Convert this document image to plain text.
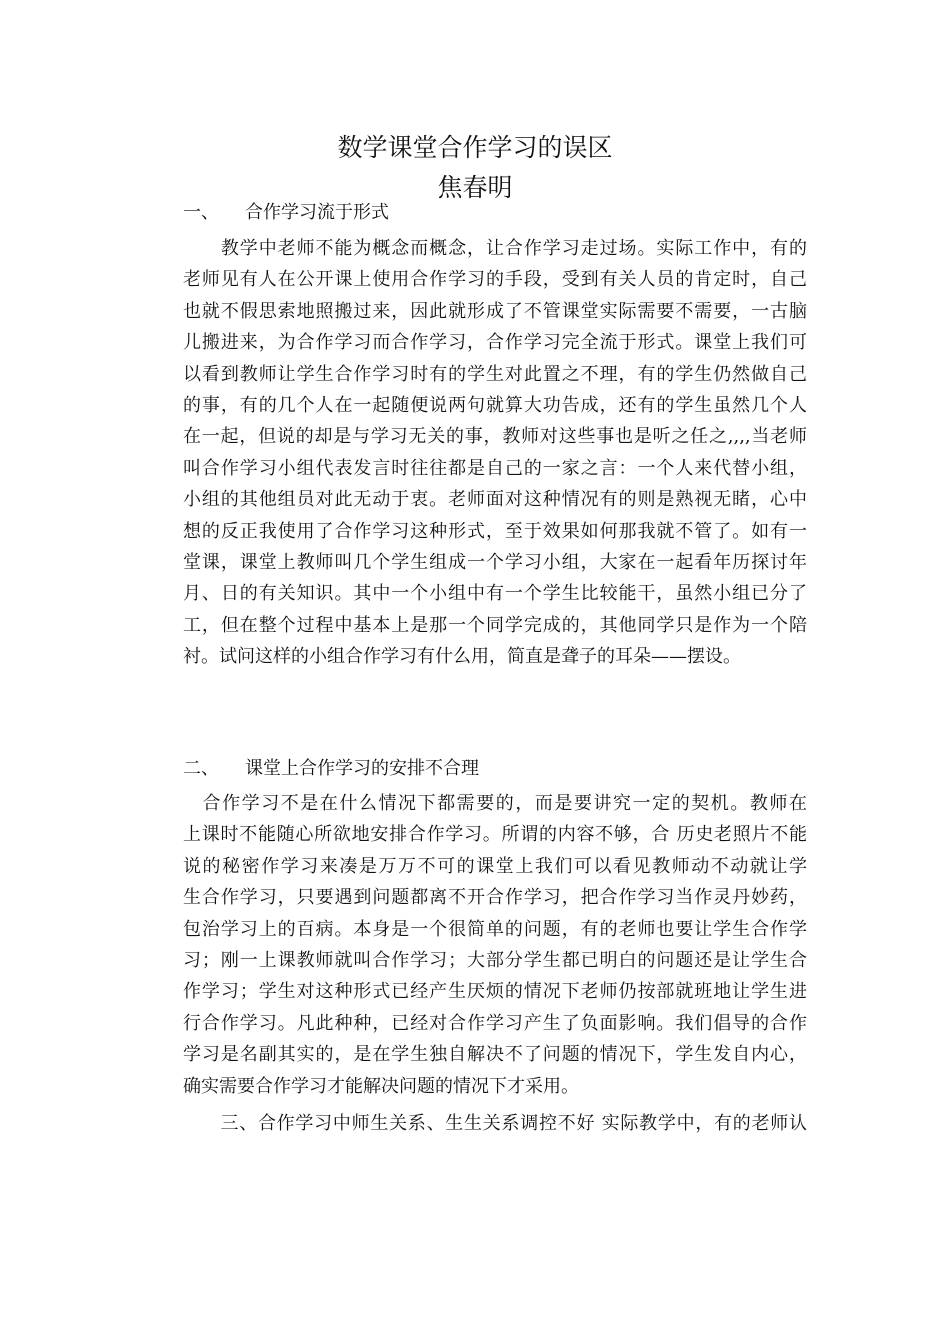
数学课堂合作学习的误区
焦春明
一、 合作学习流于形式
　　教学中老师不能为概念而概念，让合作学习走过场。实际工作中，有的
老师见有人在公开课上使用合作学习的手段，受到有关人员的肯定时，自己
也就不假思索地照搬过来，因此就形成了不管课堂实际需要不需要，一古脑
儿搬进来，为合作学习而合作学习，合作学习完全流于形式。课堂上我们可
以看到教师让学生合作学习时有的学生对此置之不理，有的学生仍然做自己
的事，有的几个人在一起随便说两句就算大功告成，还有的学生虽然几个人
在一起，但说的却是与学习无关的事，教师对这些事也是听之任之,,,,当老师
叫合作学习小组代表发言时往往都是自己的一家之言：一个人来代替小组，
小组的其他组员对此无动于衷。老师面对这种情况有的则是熟视无睹，心中
想的反正我使用了合作学习这种形式，至于效果如何那我就不管了。如有一
堂课，课堂上教师叫几个学生组成一个学习小组，大家在一起看年历探讨年
月、日的有关知识。其中一个小组中有一个学生比较能干，虽然小组已分了
工，但在整个过程中基本上是那一个同学完成的，其他同学只是作为一个陪
衬。试问这样的小组合作学习有什么用，简直是聋子的耳朵——摆设。
二、 课堂上合作学习的安排不合理
　合作学习不是在什么情况下都需要的，而是要讲究一定的契机。教师在
上课时不能随心所欲地安排合作学习。所谓的内容不够，合 历史老照片不能
说的秘密作学习来凑是万万不可的课堂上我们可以看见教师动不动就让学
生合作学习，只要遇到问题都离不开合作学习，把合作学习当作灵丹妙药，
包治学习上的百病。本身是一个很简单的问题，有的老师也要让学生合作学
习；刚一上课教师就叫合作学习；大部分学生都已明白的问题还是让学生合
作学习；学生对这种形式已经产生厌烦的情况下老师仍按部就班地让学生进
行合作学习。凡此种种，已经对合作学习产生了负面影响。我们倡导的合作
学习是名副其实的，是在学生独自解决不了问题的情况下，学生发自内心，
确实需要合作学习才能解决问题的情况下才采用。
　　三、合作学习中师生关系、生生关系调控不好 实际教学中，有的老师认
